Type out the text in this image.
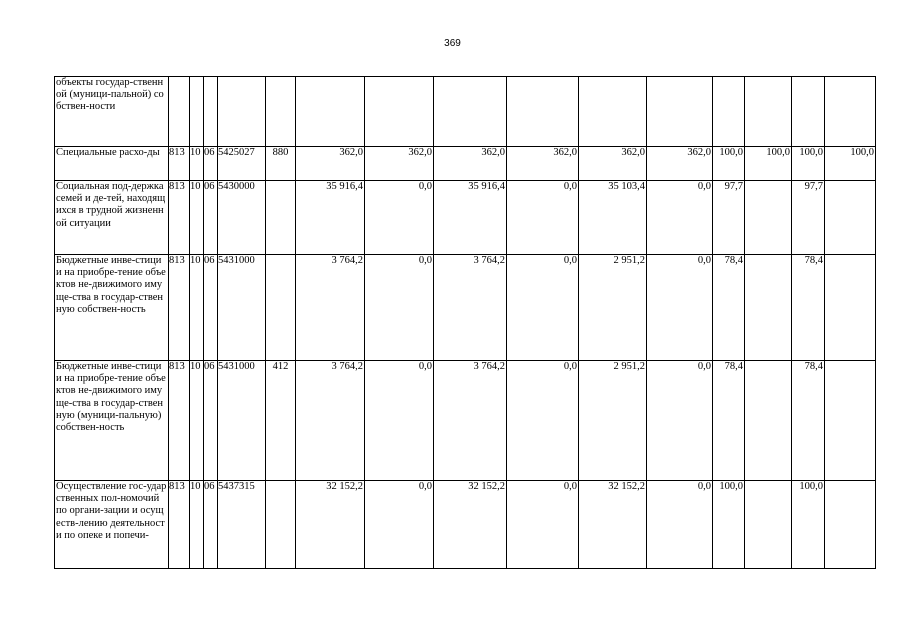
369
объекты государ-ственной (муници-пальной) собствен-ности															
Специальные расхо-ды	813	10	06	5425027	880	362,0	362,0	362,0	362,0	362,0	362,0	100,0	100,0	100,0	100,0
Социальная под-держка семей и де-тей, находящихся в трудной жизненной ситуации	813	10	06	5430000		35 916,4	0,0	35 916,4	0,0	35 103,4	0,0	97,7		97,7	
Бюджетные инве-стиции на приобре-тение объектов не-движимого имуще-ства в государ-ственную собствен-ность	813	10	06	5431000		3 764,2	0,0	3 764,2	0,0	2 951,2	0,0	78,4		78,4	
Бюджетные инве-стиции на приобре-тение объектов не-движимого имуще-ства в государ-ственную (муници-пальную) собствен-ность	813	10	06	5431000	412	3 764,2	0,0	3 764,2	0,0	2 951,2	0,0	78,4		78,4	
Осуществление гос-ударственных пол-номочий по органи-зации и осуществ-лению деятельности по опеке и попечи-	813	10	06	5437315		32 152,2	0,0	32 152,2	0,0	32 152,2	0,0	100,0		100,0	
